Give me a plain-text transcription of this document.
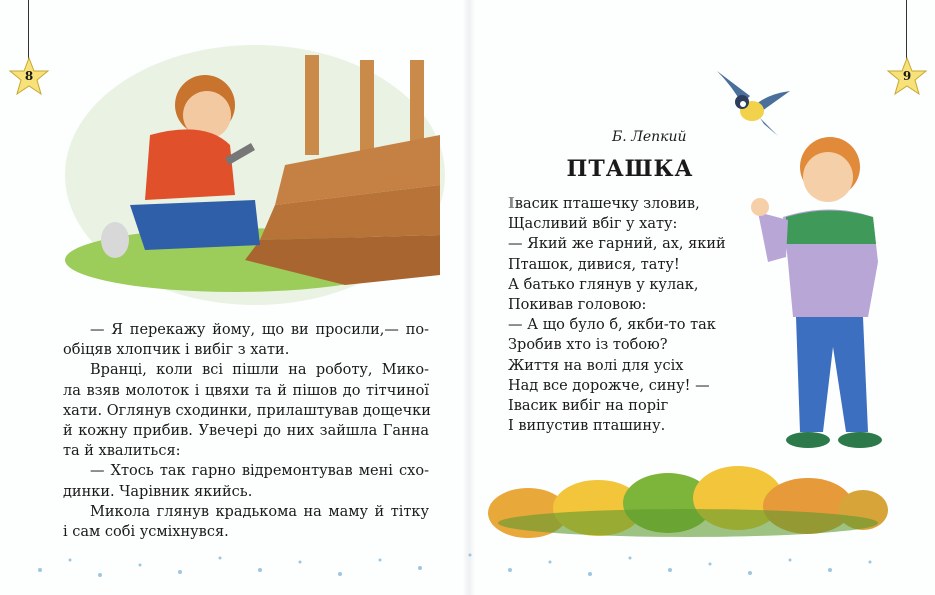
8	9
— Я перекажу йому, що ви просили,— по-
обіцяв хлопчик і вибіг з хати.
Вранці, коли всі пішли на роботу, Мико-
ла взяв молоток і цвяхи та й пішов до тітчиної
хати. Оглянув сходинки, прилаштував дощечки
й кожну прибив. Увечері до них зайшла Ганна
та й хвалиться:
— Хтось так гарно відремонтував мені схо-
динки. Чарівник якийсь.
Микола глянув крадькома на маму й тітку
і сам собі усміхнувся.
Б. Лепкий
ПТАШКА
Івасик пташечку зловив,
Щасливий вбіг у хату:
— Який же гарний, ах, який
Пташок, дивися, тату!
А батько глянув у кулак,
Покивав головою:
— А що було б, якби-то так
Зробив хто із тобою?
Життя на волі для усіх
Над все дорожче, сину! —
Івасик вибіг на поріг
І випустив пташину.
